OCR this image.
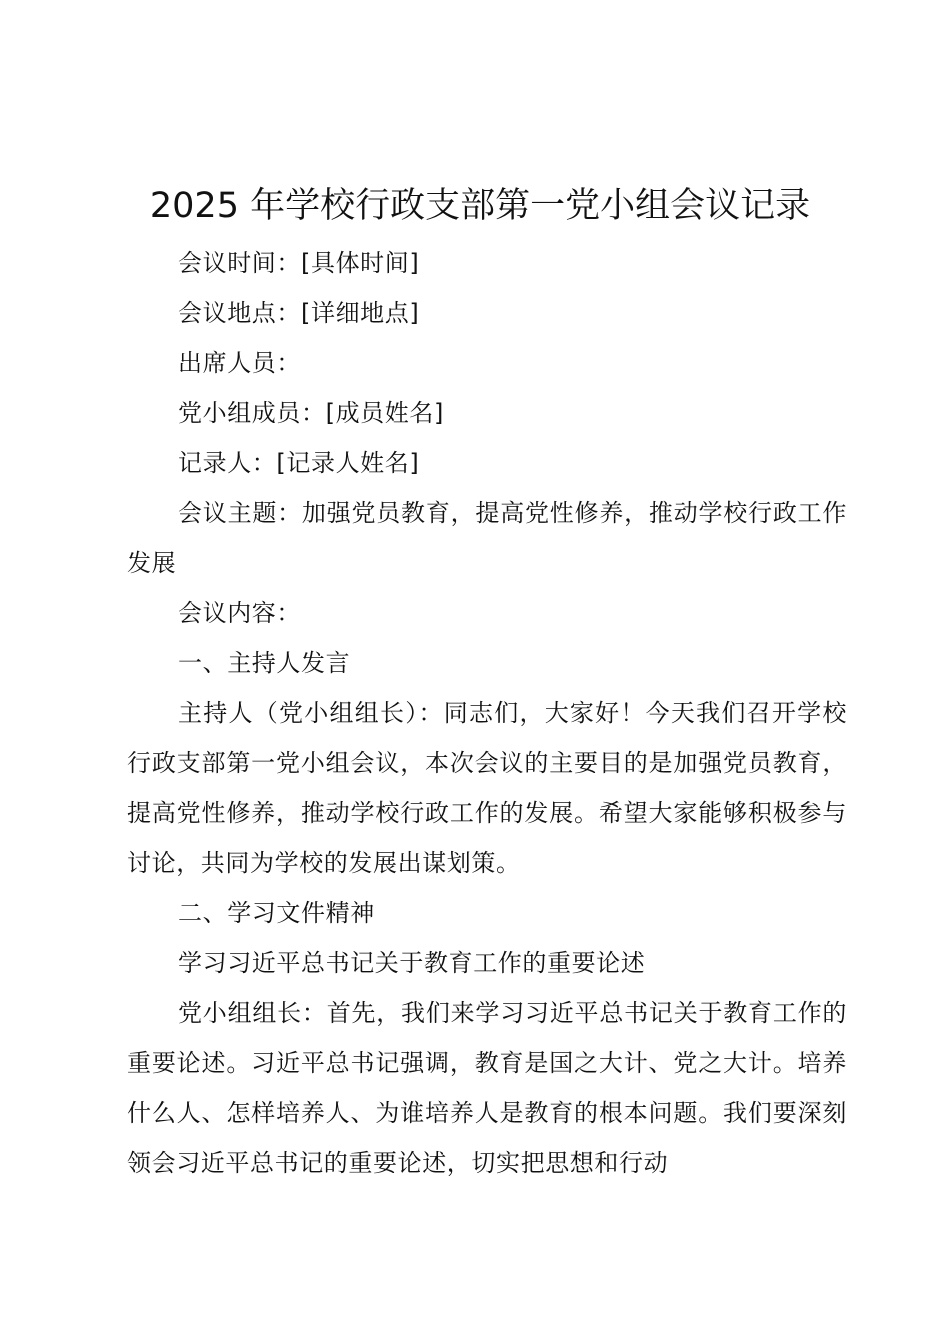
2025 年学校行政支部第一党小组会议记录

会议时间：[具体时间]

会议地点：[详细地点]

出席人员：

党小组成员：[成员姓名]

记录人：[记录人姓名]

会议主题：加强党员教育，提高党性修养，推动学校行政工作发展

会议内容：

一、主持人发言

主持人（党小组组长）：同志们，大家好！今天我们召开学校行政支部第一党小组会议，本次会议的主要目的是加强党员教育，提高党性修养，推动学校行政工作的发展。希望大家能够积极参与讨论，共同为学校的发展出谋划策。

二、学习文件精神

学习习近平总书记关于教育工作的重要论述

党小组组长：首先，我们来学习习近平总书记关于教育工作的重要论述。习近平总书记强调，教育是国之大计、党之大计。培养什么人、怎样培养人、为谁培养人是教育的根本问题。我们要深刻领会习近平总书记的重要论述，切实把思想和行动
